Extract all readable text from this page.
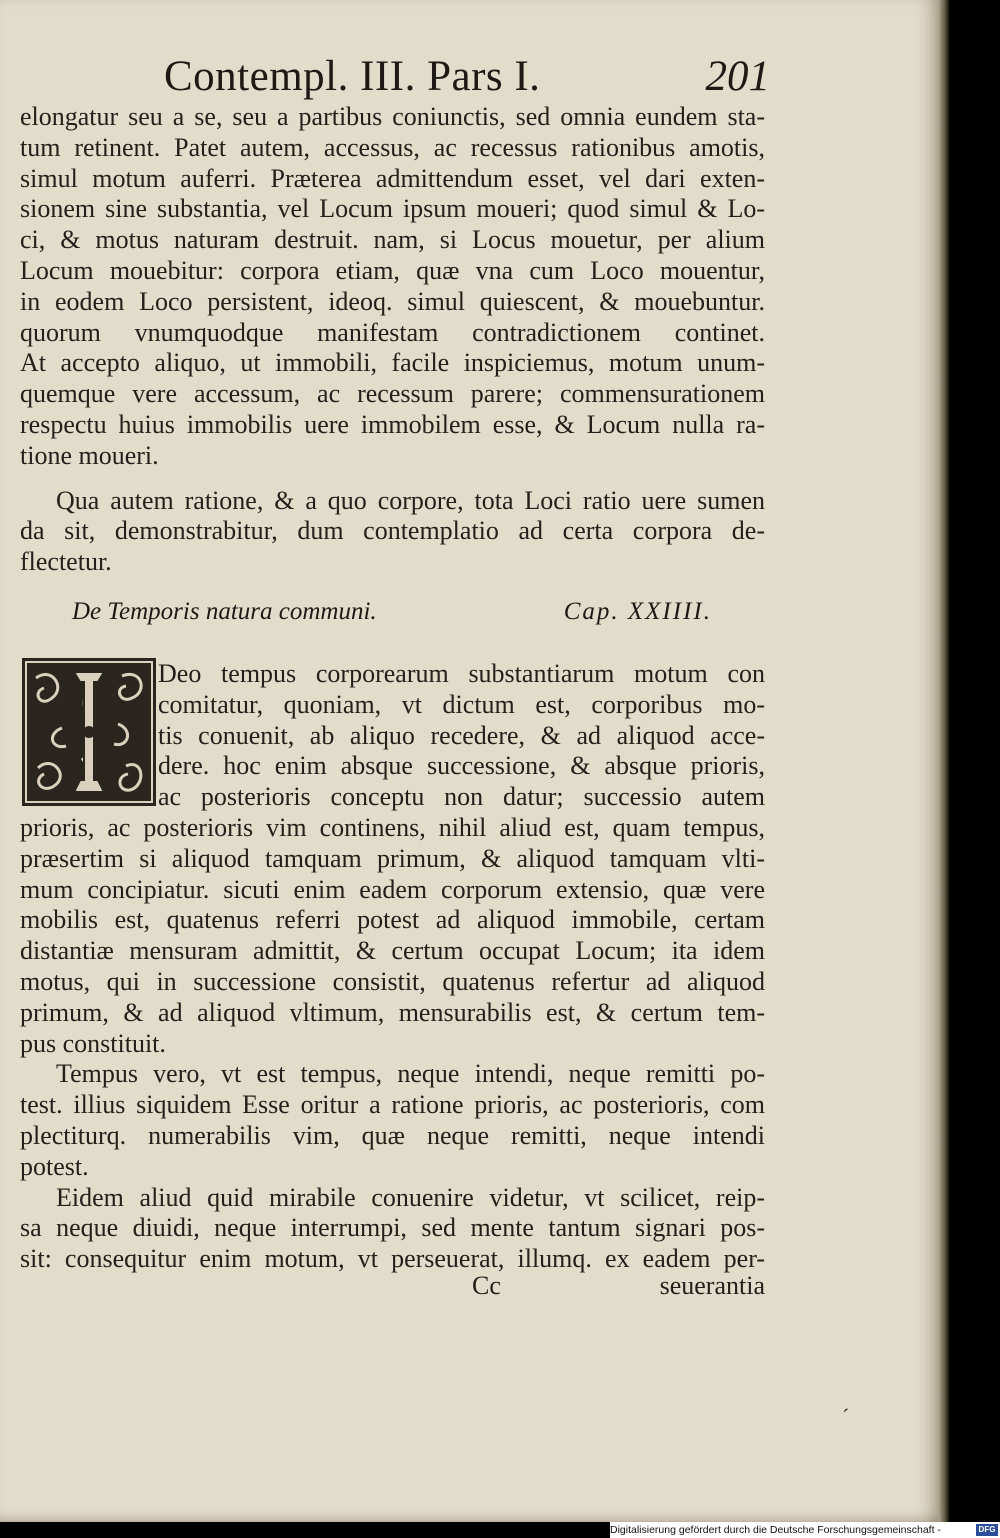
Contempl. III. Pars I.	201
elongatur seu a se, seu a partibus coniunctis, sed omnia eundem sta-
tum retinent. Patet autem, accessus, ac recessus rationibus amotis,
simul motum auferri. Præterea admittendum esset, vel dari exten-
sionem sine substantia, vel Locum ipsum moueri; quod simul & Lo-
ci, & motus naturam destruit. nam, si Locus mouetur, per alium
Locum mouebitur: corpora etiam, quæ vna cum Loco mouentur,
in eodem Loco persistent, ideoq. simul quiescent, & mouebuntur.
quorum vnumquodque manifestam contradictionem continet.
At accepto aliquo, ut immobili, facile inspiciemus, motum unum-
quemque vere accessum, ac recessum parere; commensurationem
respectu huius immobilis uere immobilem esse, & Locum nulla ra-
tione moueri.
Qua autem ratione, & a quo corpore, tota Loci ratio uere sumen
da sit, demonstrabitur, dum contemplatio ad certa corpora de-
flectetur.
De Temporis natura communi.	Cap. XXIIII.
Deo tempus corporearum substantiarum motum con
comitatur, quoniam, vt dictum est, corporibus mo-
tis conuenit, ab aliquo recedere, & ad aliquod acce-
dere. hoc enim absque successione, & absque prioris,
ac posterioris conceptu non datur; successio autem
prioris, ac posterioris vim continens, nihil aliud est, quam tempus,
præsertim si aliquod tamquam primum, & aliquod tamquam vlti-
mum concipiatur. sicuti enim eadem corporum extensio, quæ vere
mobilis est, quatenus referri potest ad aliquod immobile, certam
distantiæ mensuram admittit, & certum occupat Locum; ita idem
motus, qui in successione consistit, quatenus refertur ad aliquod
primum, & ad aliquod vltimum, mensurabilis est, & certum tem-
pus constituit.
Tempus vero, vt est tempus, neque intendi, neque remitti po-
test. illius siquidem Esse oritur a ratione prioris, ac posterioris, com
plectiturq. numerabilis vim, quæ neque remitti, neque intendi
potest.
Eidem aliud quid mirabile conuenire videtur, vt scilicet, reip-
sa neque diuidi, neque interrumpi, sed mente tantum signari pos-
sit: consequitur enim motum, vt perseuerat, illumq. ex eadem per-
Cc	seuerantia
ˊ
Digitalisierung gefördert durch die Deutsche Forschungsgemeinschaft -	DFG
